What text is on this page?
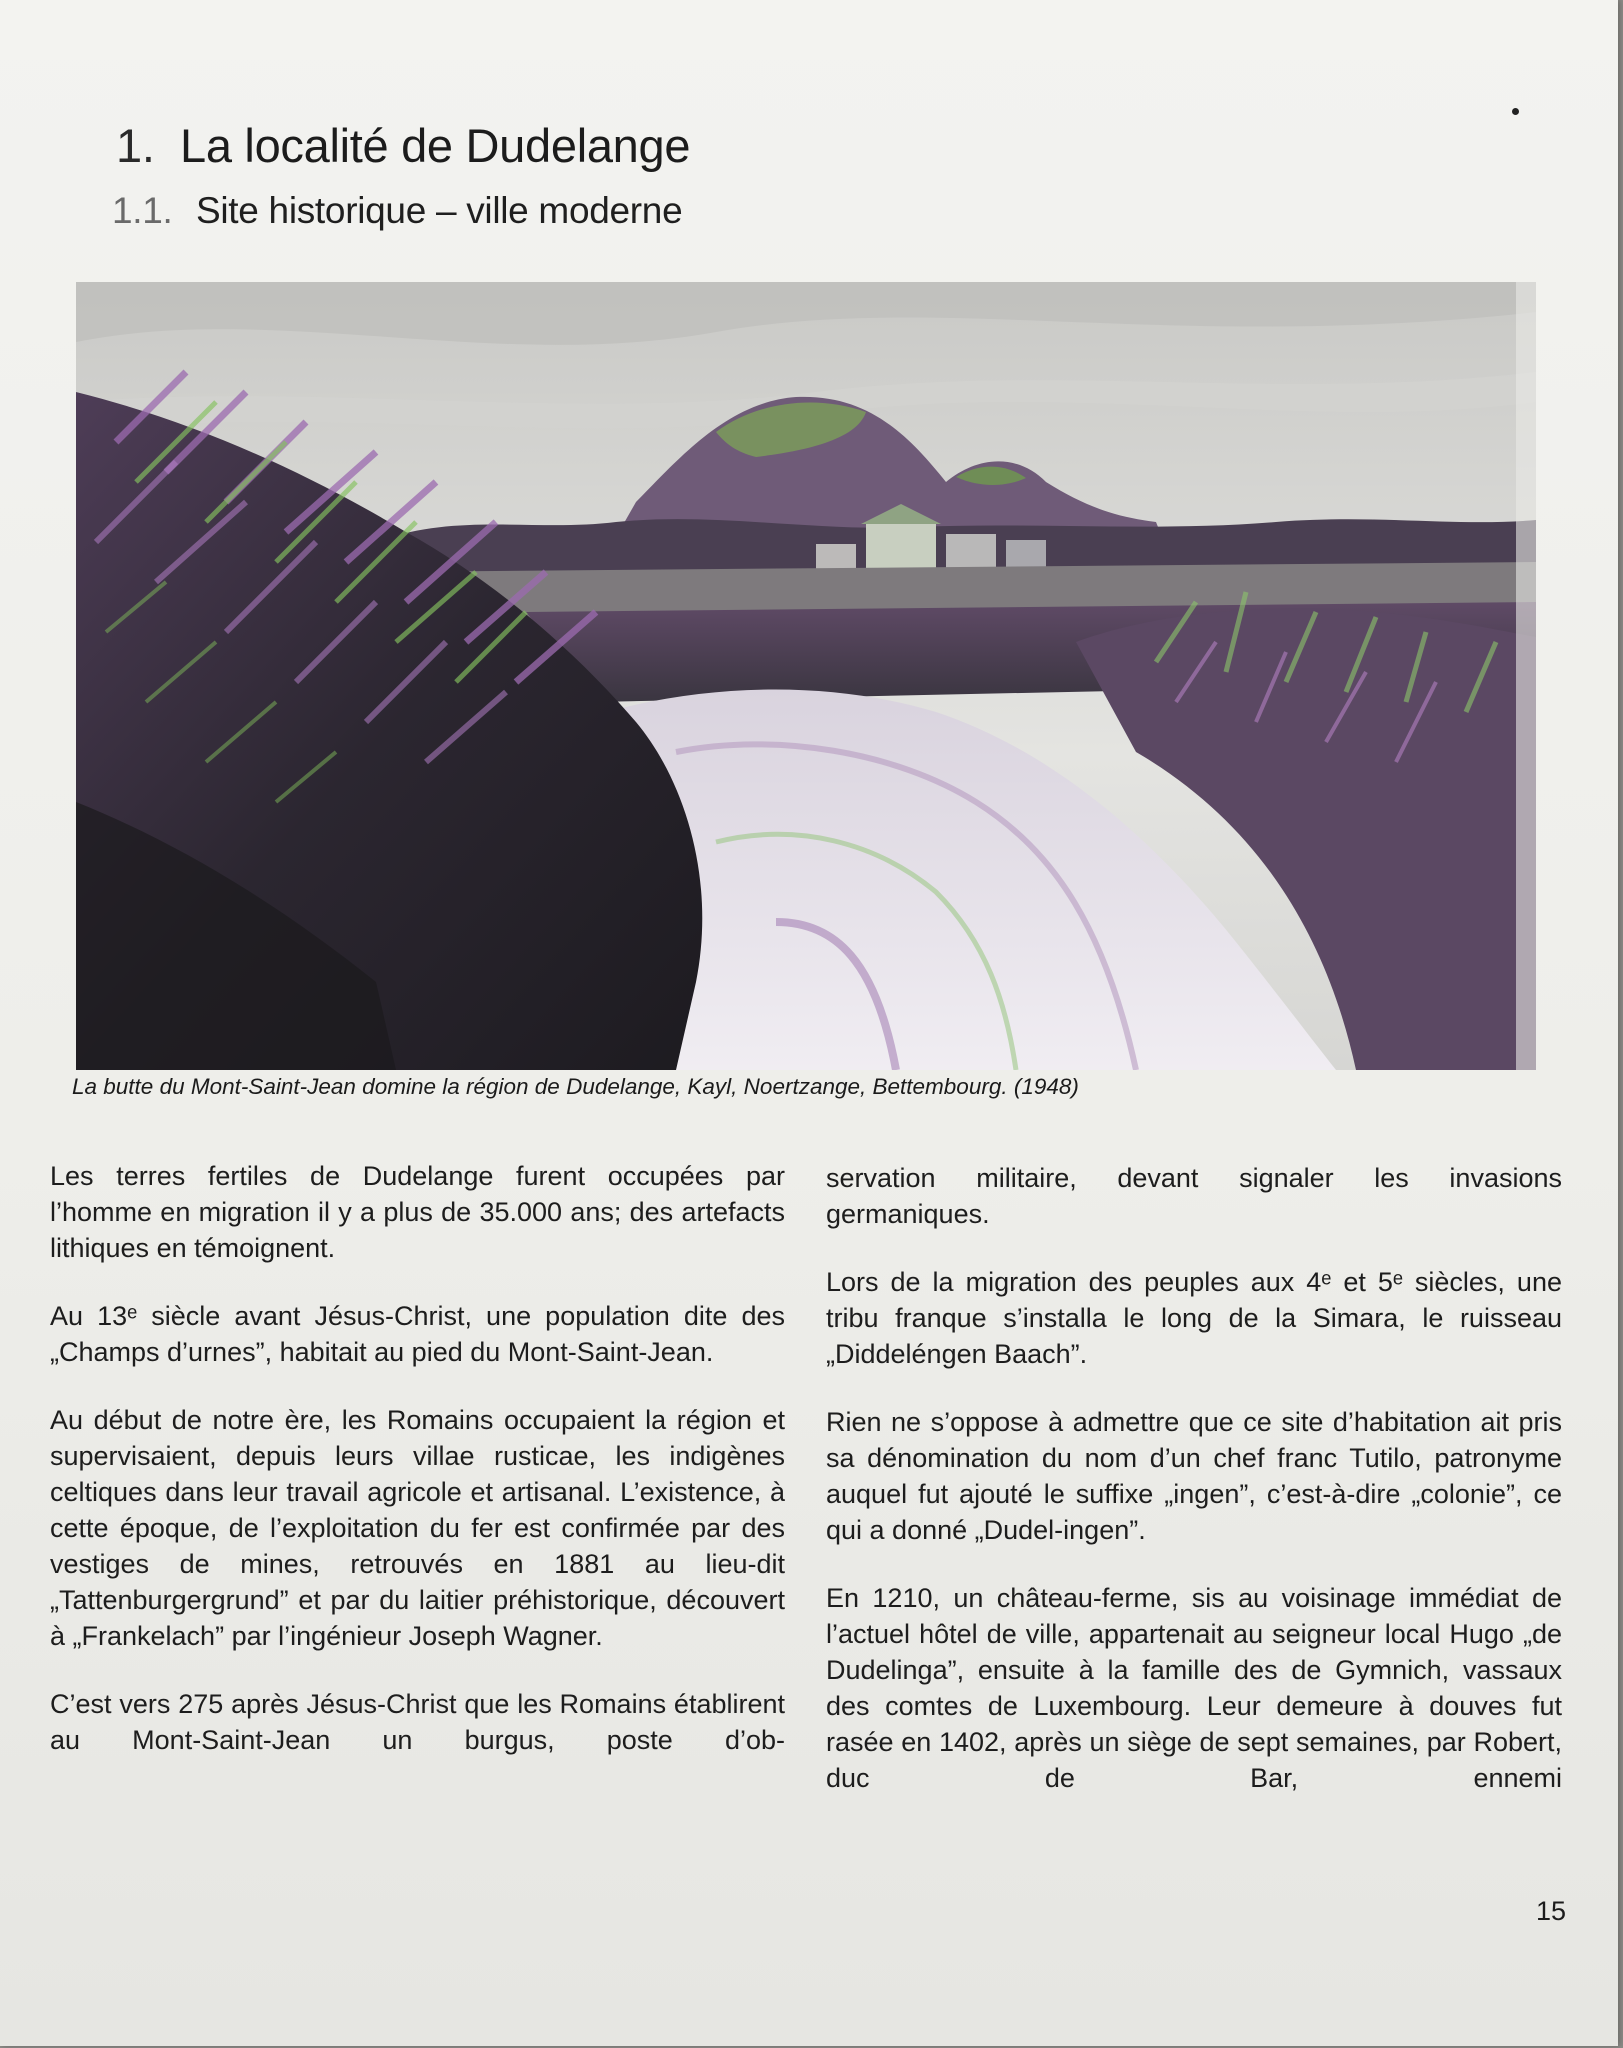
1. La localité de Dudelange
1.1. Site historique – ville moderne

La butte du Mont-Saint-Jean domine la région de Dudelange, Kayl, Noertzange, Bettembourg. (1948)

Les terres fertiles de Dudelange furent occupées par l’homme en migration il y a plus de 35.000 ans; des artefacts lithiques en témoignent.

Au 13ᵉ siècle avant Jésus-Christ, une population dite des „Champs d’urnes”, habitait au pied du Mont-Saint-Jean.

Au début de notre ère, les Romains occupaient la région et supervisaient, depuis leurs villae rusticae, les indigènes celtiques dans leur travail agricole et artisanal. L’existence, à cette époque, de l’exploitation du fer est confirmée par des vestiges de mines, retrouvés en 1881 au lieu-dit „Tattenburgergrund” et par du laitier préhistorique, découvert à „Frankelach” par l’ingénieur Joseph Wagner.

C’est vers 275 après Jésus-Christ que les Romains établirent au Mont-Saint-Jean un burgus, poste d’ob-

servation militaire, devant signaler les invasions germaniques.

Lors de la migration des peuples aux 4ᵉ et 5ᵉ siècles, une tribu franque s’installa le long de la Simara, le ruisseau „Diddeléngen Baach”.

Rien ne s’oppose à admettre que ce site d’habitation ait pris sa dénomination du nom d’un chef franc Tutilo, patronyme auquel fut ajouté le suffixe „ingen”, c’est-à-dire „colonie”, ce qui a donné „Dudel-ingen”.

En 1210, un château-ferme, sis au voisinage immédiat de l’actuel hôtel de ville, appartenait au seigneur local Hugo „de Dudelinga”, ensuite à la famille des de Gymnich, vassaux des comtes de Luxembourg. Leur demeure à douves fut rasée en 1402, après un siège de sept semaines, par Robert, duc de Bar, ennemi

15
